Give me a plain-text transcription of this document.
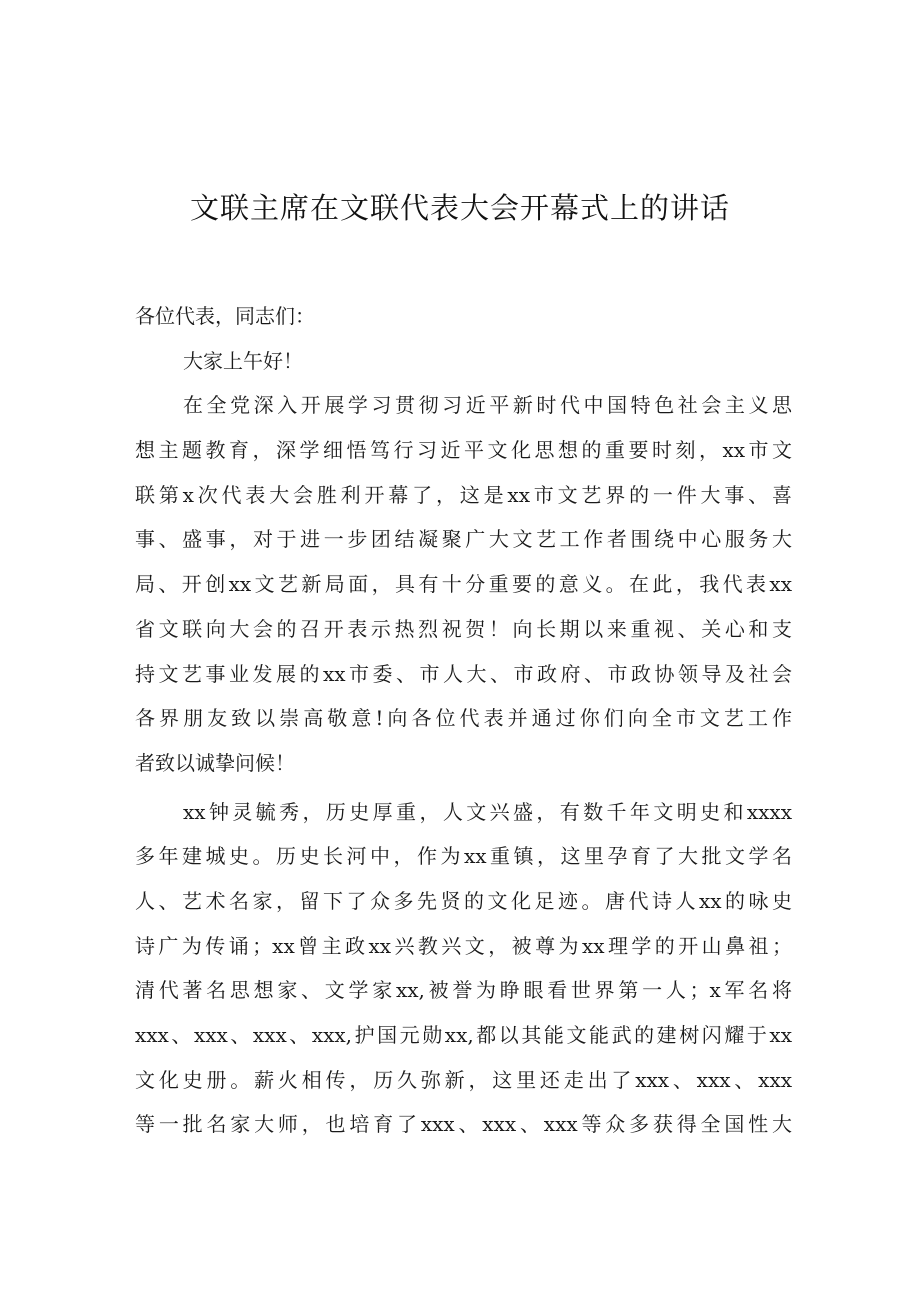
文联主席在文联代表大会开幕式上的讲话
各位代表，同志们：
大家上午好！
在全党深入开展学习贯彻习近平新时代中国特色社会主义思
想主题教育，深学细悟笃行习近平文化思想的重要时刻，xx市文
联第x次代表大会胜利开幕了，这是xx市文艺界的一件大事、喜
事、盛事，对于进一步团结凝聚广大文艺工作者围绕中心服务大
局、开创xx文艺新局面，具有十分重要的意义。在此，我代表xx
省文联向大会的召开表示热烈祝贺！向长期以来重视、关心和支
持文艺事业发展的xx市委、市人大、市政府、市政协领导及社会
各界朋友致以崇高敬意!向各位代表并通过你们向全市文艺工作
者致以诚挚问候！
xx钟灵毓秀，历史厚重，人文兴盛，有数千年文明史和xxxx
多年建城史。历史长河中，作为xx重镇，这里孕育了大批文学名
人、艺术名家，留下了众多先贤的文化足迹。唐代诗人xx的咏史
诗广为传诵；xx曾主政xx兴教兴文，被尊为xx理学的开山鼻祖；
清代著名思想家、文学家xx,被誉为睁眼看世界第一人；x军名将
xxx、xxx、xxx、xxx,护国元勋xx,都以其能文能武的建树闪耀于xx
文化史册。薪火相传，历久弥新，这里还走出了xxx、xxx、xxx
等一批名家大师，也培育了xxx、xxx、xxx等众多获得全国性大
